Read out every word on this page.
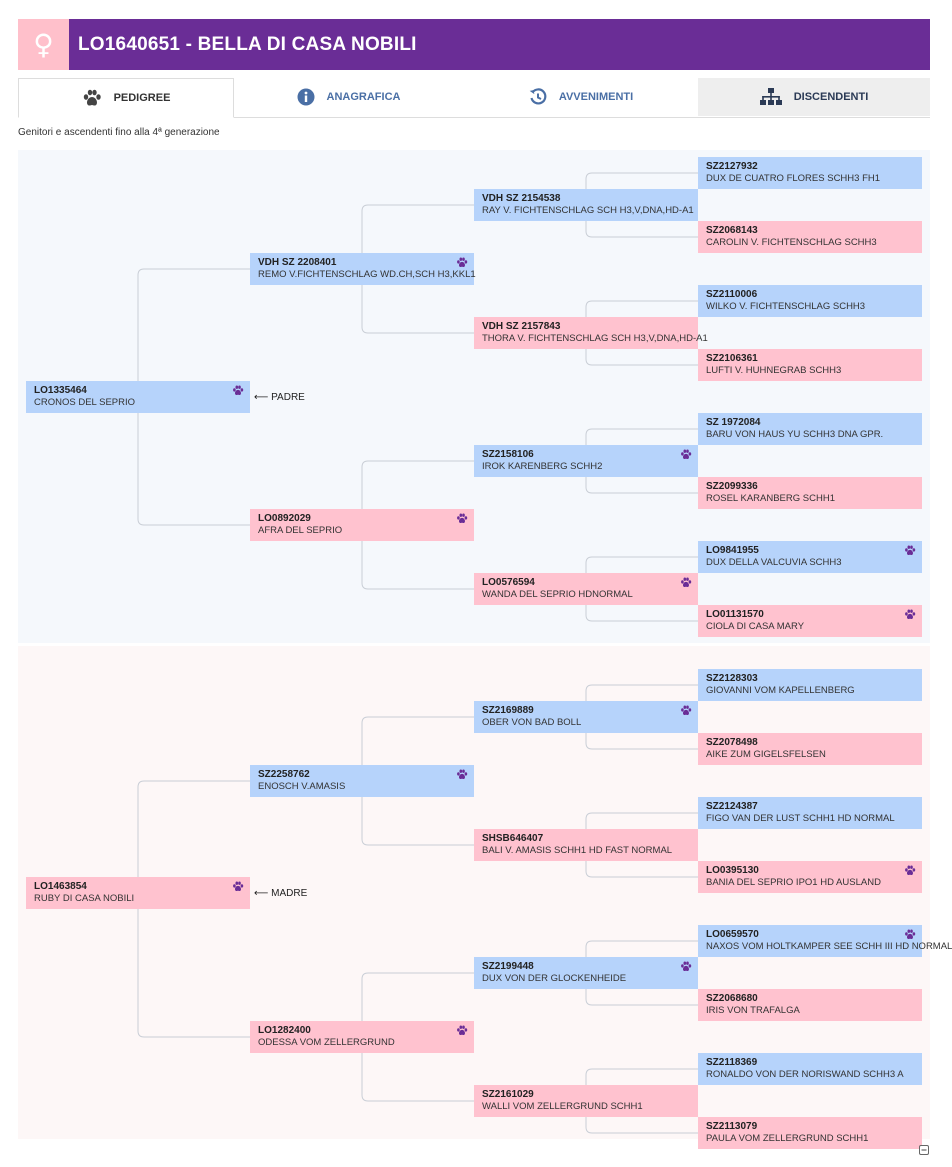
♀	LO1640651 - BELLA DI CASA NOBILI
PEDIGREE	ANAGRAFICA	AVVENIMENTI	DISCENDENTI
Genitori e ascendenti fino alla 4ª generazione
LO1335464
CRONOS DEL SEPRIO
LO1463854
RUBY DI CASA NOBILI
VDH SZ 2208401
REMO V.FICHTENSCHLAG WD.CH,SCH H3,KKL1
LO0892029
AFRA DEL SEPRIO
SZ2258762
ENOSCH V.AMASIS
LO1282400
ODESSA VOM ZELLERGRUND
VDH SZ 2154538
RAY V. FICHTENSCHLAG SCH H3,V,DNA,HD-A1
VDH SZ 2157843
THORA V. FICHTENSCHLAG SCH H3,V,DNA,HD-A1
SZ2158106
IROK KARENBERG SCHH2
LO0576594
WANDA DEL SEPRIO HDNORMAL
SZ2169889
OBER VON BAD BOLL
SHSB646407
BALI V. AMASIS SCHH1 HD FAST NORMAL
SZ2199448
DUX VON DER GLOCKENHEIDE
SZ2161029
WALLI VOM ZELLERGRUND SCHH1
SZ2127932
DUX DE CUATRO FLORES SCHH3 FH1
SZ2068143
CAROLIN V. FICHTENSCHLAG SCHH3
SZ2110006
WILKO V. FICHTENSCHLAG SCHH3
SZ2106361
LUFTI V. HUHNEGRAB SCHH3
SZ 1972084
BARU VON HAUS YU SCHH3 DNA GPR.
SZ2099336
ROSEL KARANBERG SCHH1
LO9841955
DUX DELLA VALCUVIA SCHH3
LO01131570
CIOLA DI CASA MARY
SZ2128303
GIOVANNI VOM KAPELLENBERG
SZ2078498
AIKE ZUM GIGELSFELSEN
SZ2124387
FIGO VAN DER LUST SCHH1 HD NORMAL
LO0395130
BANIA DEL SEPRIO IPO1 HD AUSLAND
LO0659570
NAXOS VOM HOLTKAMPER SEE SCHH III HD NORMAL
SZ2068680
IRIS VON TRAFALGA
SZ2118369
RONALDO VON DER NORISWAND SCHH3 A
SZ2113079
PAULA VOM ZELLERGRUND SCHH1
⟵ PADRE
⟵ MADRE
